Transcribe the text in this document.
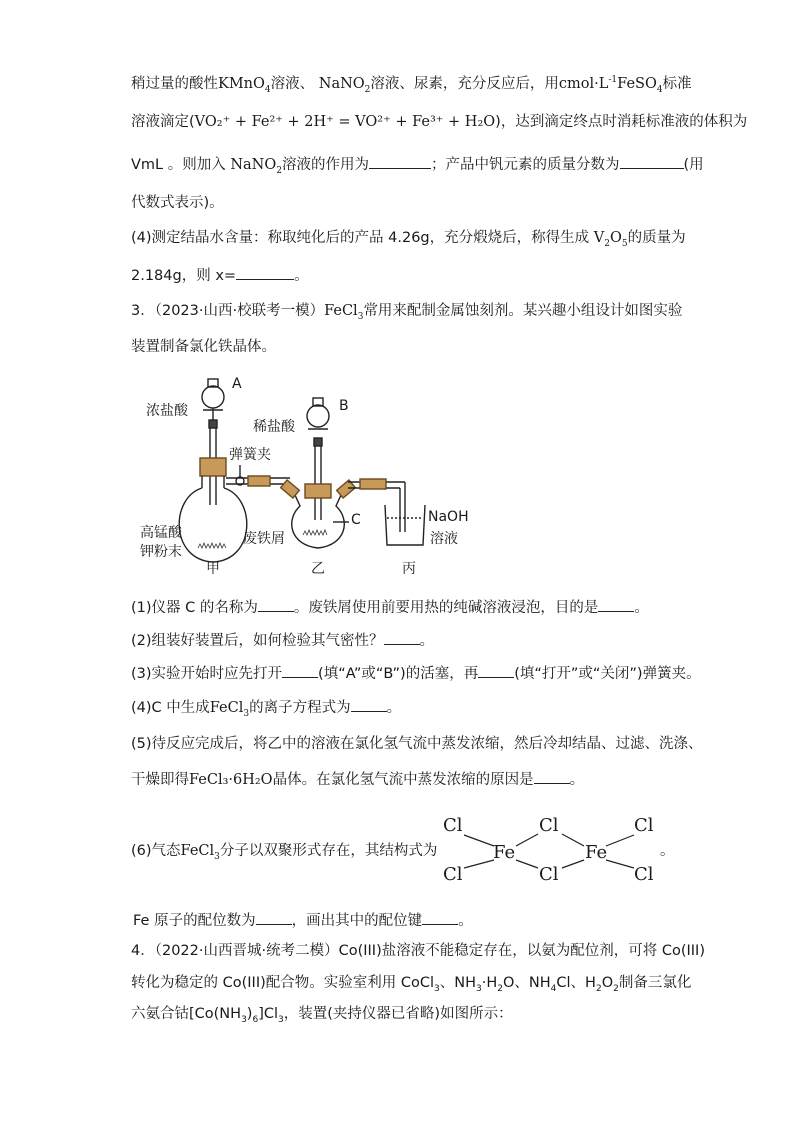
稍过量的酸性KMnO$_4$溶液、 NaNO$_2$溶液、尿素，充分反应后，用$cmol\cdot L^{-1}FeSO_4$标准
溶液滴定(VO₂⁺ + Fe²⁺ + 2H⁺ = VO²⁺ + Fe³⁺ + H₂O)，达到滴定终点时消耗标准液的体积为
VmL 。则加入 NaNO$_2$溶液的作用为	；产品中钒元素的质量分数为	(用
代数式表示)。
(4)测定结晶水含量：称取纯化后的产品 4.26g，充分煅烧后，称得生成 $V_2O_5$的质量为
2.184g，则 x=	。
3．（2023·山西·校联考一模）FeCl$_3$常用来配制金属蚀刻剂。某兴趣小组设计如图实验
装置制备氯化铁晶体。
A
浓盐酸	B
稀盐酸
弹簧夹
C	NaOH
溶液
高锰酸
钾粉末
废铁屑
甲	乙	丙
(1)仪器 C 的名称为 。废铁屑使用前要用热的纯碱溶液浸泡，目的是 。
(2)组装好装置后，如何检验其气密性？ 。
(3)实验开始时应先打开 (填“A”或“B”)的活塞，再 (填“打开”或“关闭”)弹簧夹。
(4)C 中生成FeCl$_3$的离子方程式为 。
(5)待反应完成后，将乙中的溶液在氯化氢气流中蒸发浓缩，然后冷却结晶、过滤、洗涤、
干燥即得FeCl₃·6H₂O晶体。在氯化氢气流中蒸发浓缩的原因是 。
(6)气态FeCl$_3$分子以双聚形式存在，其结构式为	。
Cl	Cl	Cl
Fe	Fe
Cl	Cl	Cl
Fe 原子的配位数为 ，画出其中的配位键 。
4．（2022·山西晋城·统考二模）Co(III)盐溶液不能稳定存在，以氨为配位剂，可将 Co(III)
转化为稳定的 Co(III)配合物。实验室利用 CoCl$_3$、$NH_3\cdot H_2O$、$NH_4Cl$、$H_2O_2$制备三氯化
六氨合钴$[Co(NH_3)_6]Cl_3$，装置(夹持仪器已省略)如图所示：
